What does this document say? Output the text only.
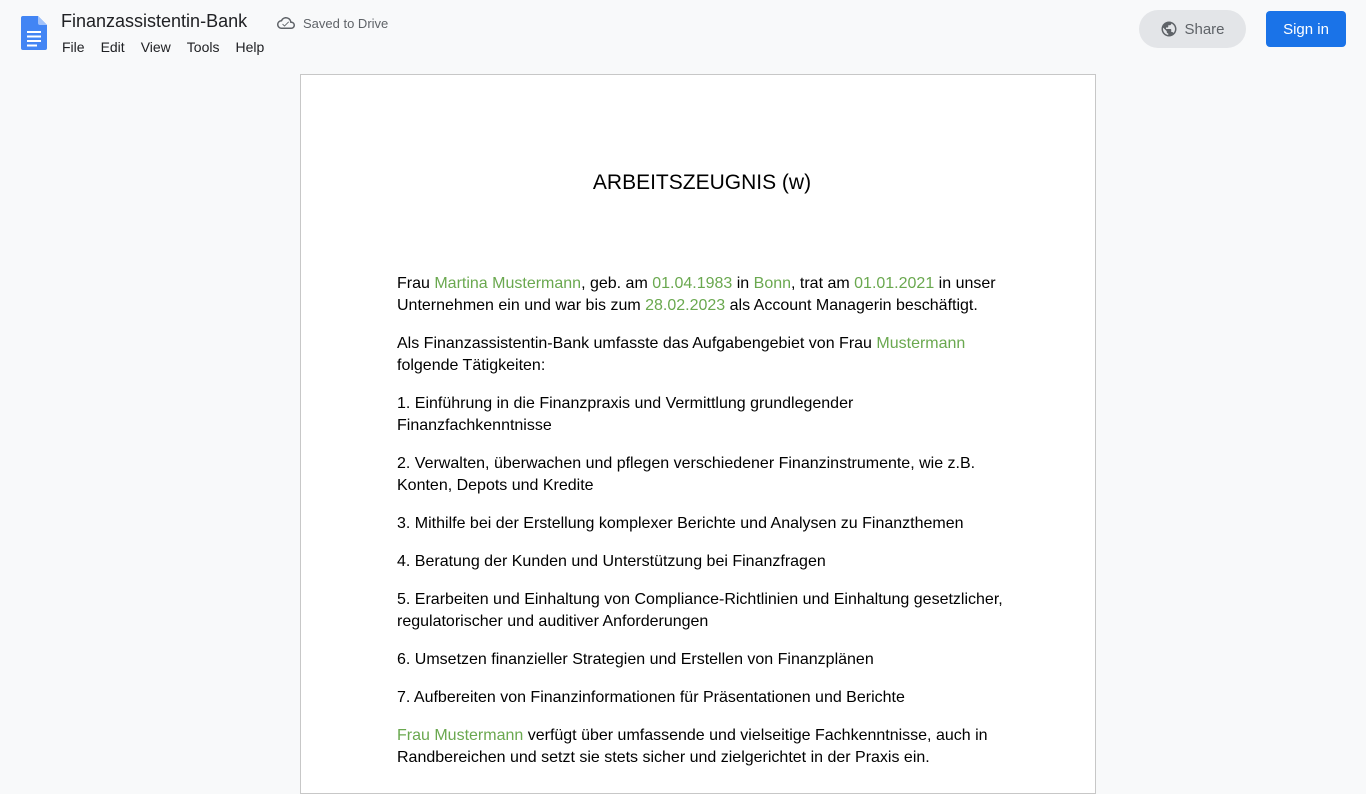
Finanzassistentin-Bank	Saved to Drive
File	Edit	View	Tools	Help
Share	Sign in
ARBEITSZEUGNIS (w)

Frau Martina Mustermann, geb. am 01.04.1983 in Bonn, trat am 01.01.2021 in unser Unternehmen ein und war bis zum 28.02.2023 als Account Managerin beschäftigt.

Als Finanzassistentin-Bank umfasste das Aufgabengebiet von Frau Mustermann folgende Tätigkeiten:

1. Einführung in die Finanzpraxis und Vermittlung grundlegender Finanzfachkenntnisse

2. Verwalten, überwachen und pflegen verschiedener Finanzinstrumente, wie z.B. Konten, Depots und Kredite

3. Mithilfe bei der Erstellung komplexer Berichte und Analysen zu Finanzthemen

4. Beratung der Kunden und Unterstützung bei Finanzfragen

5. Erarbeiten und Einhaltung von Compliance-Richtlinien und Einhaltung gesetzlicher, regulatorischer und auditiver Anforderungen

6. Umsetzen finanzieller Strategien und Erstellen von Finanzplänen

7. Aufbereiten von Finanzinformationen für Präsentationen und Berichte

Frau Mustermann verfügt über umfassende und vielseitige Fachkenntnisse, auch in Randbereichen und setzt sie stets sicher und zielgerichtet in der Praxis ein.
